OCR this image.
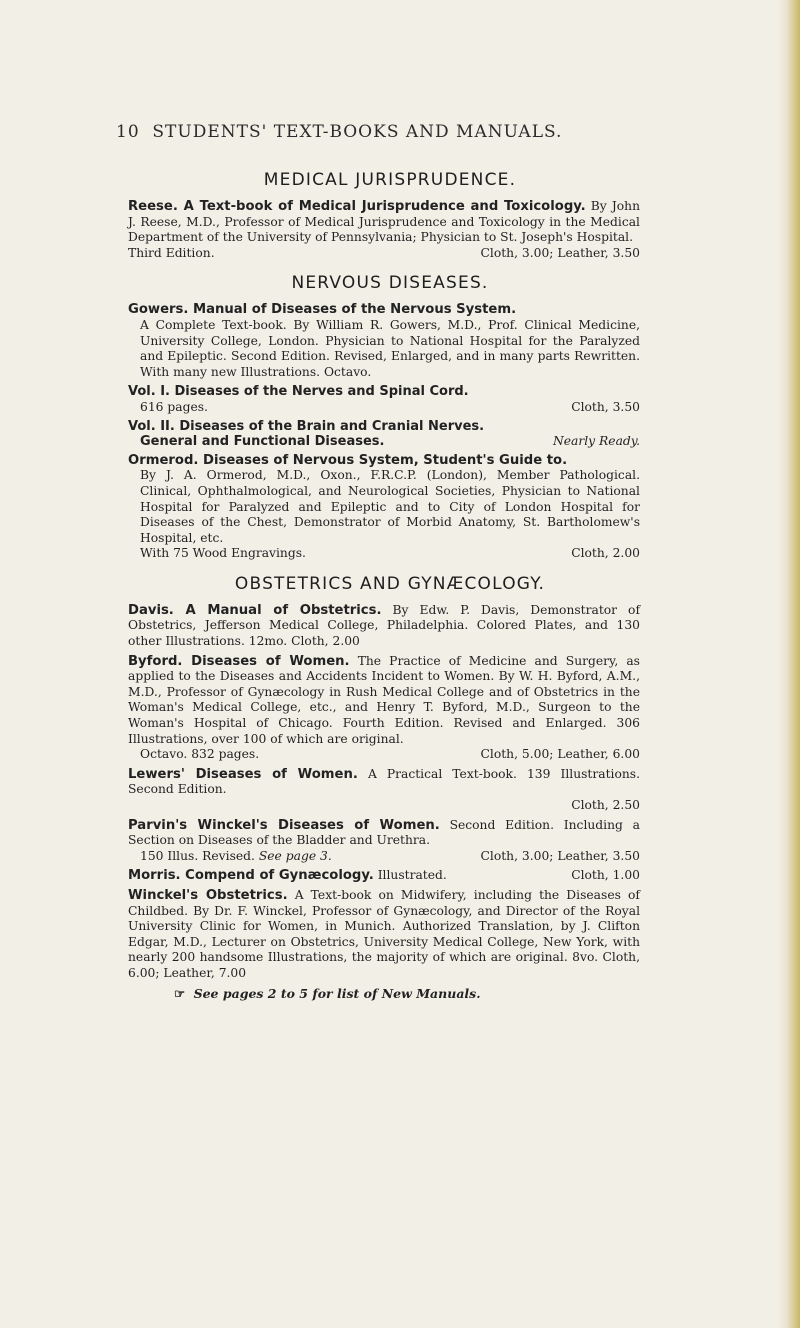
10 STUDENTS' TEXT-BOOKS AND MANUALS.
MEDICAL JURISPRUDENCE.
Reese. A Text-book of Medical Jurisprudence and Toxicology. By John J. Reese, M.D., Professor of Medical Jurisprudence and Toxicology in the Medical Department of the University of Pennsylvania; Physician to St. Joseph's Hospital.
Third Edition.	Cloth, 3.00; Leather, 3.50
NERVOUS DISEASES.
Gowers. Manual of Diseases of the Nervous System.
A Complete Text-book. By William R. Gowers, M.D., Prof. Clinical Medicine, University College, London. Physician to National Hospital for the Paralyzed and Epileptic. Second Edition. Revised, Enlarged, and in many parts Rewritten. With many new Illustrations. Octavo.
Vol. I. Diseases of the Nerves and Spinal Cord.
616 pages.	Cloth, 3.50
Vol. II. Diseases of the Brain and Cranial Nerves.
General and Functional Diseases.	Nearly Ready.
Ormerod. Diseases of Nervous System, Student's Guide to.
By J. A. Ormerod, M.D., Oxon., F.R.C.P. (London), Member Pathological. Clinical, Ophthalmological, and Neurological Societies, Physician to National Hospital for Paralyzed and Epileptic and to City of London Hospital for Diseases of the Chest, Demonstrator of Morbid Anatomy, St. Bartholomew's Hospital, etc.
With 75 Wood Engravings.	Cloth, 2.00
OBSTETRICS AND GYNÆCOLOGY.
Davis. A Manual of Obstetrics. By Edw. P. Davis, Demonstrator of Obstetrics, Jefferson Medical College, Philadelphia. Colored Plates, and 130 other Illustrations. 12mo. Cloth, 2.00
Byford. Diseases of Women. The Practice of Medicine and Surgery, as applied to the Diseases and Accidents Incident to Women. By W. H. Byford, A.M., M.D., Professor of Gynæcology in Rush Medical College and of Obstetrics in the Woman's Medical College, etc., and Henry T. Byford, M.D., Surgeon to the Woman's Hospital of Chicago. Fourth Edition. Revised and Enlarged. 306 Illustrations, over 100 of which are original.
Octavo. 832 pages.	Cloth, 5.00; Leather, 6.00
Lewers' Diseases of Women. A Practical Text-book. 139 Illustrations. Second Edition.
Cloth, 2.50
Parvin's Winckel's Diseases of Women. Second Edition. Including a Section on Diseases of the Bladder and Urethra.
150 Illus. Revised. See page 3.	Cloth, 3.00; Leather, 3.50
Morris. Compend of Gynæcology. Illustrated.	Cloth, 1.00
Winckel's Obstetrics. A Text-book on Midwifery, including the Diseases of Childbed. By Dr. F. Winckel, Professor of Gynæcology, and Director of the Royal University Clinic for Women, in Munich. Authorized Translation, by J. Clifton Edgar, M.D., Lecturer on Obstetrics, University Medical College, New York, with nearly 200 handsome Illustrations, the majority of which are original. 8vo. Cloth, 6.00; Leather, 7.00
☞ See pages 2 to 5 for list of New Manuals.
